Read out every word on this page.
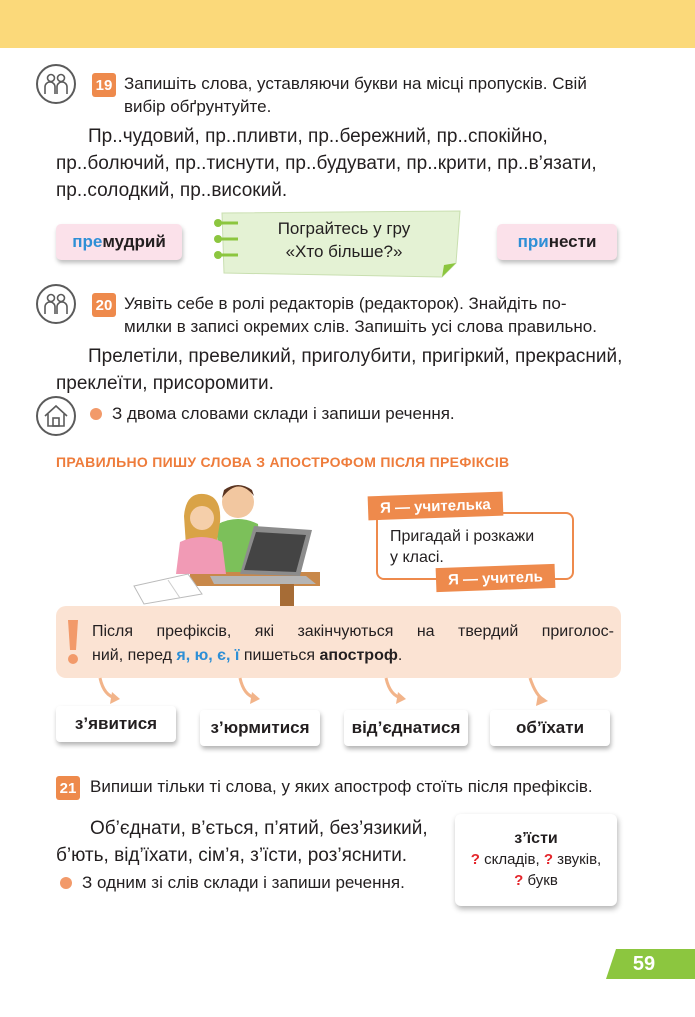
19 Запишіть слова, уставляючи букви на місці пропусків. Свій
вибір обґрунтуйте.
Пр..чудовий, пр..пливти, пр..бережний, пр..спокійно,
пр..болючий, пр..тиснути, пр..будувати, пр..крити, пр..в’язати,
пр..солодкий, пр..високий.
пре мудрий
Пограйтесь у гру
«Хто більше?»
при нести
20 Уявіть себе в ролі редакторів (редакторок). Знайдіть по-
милки в записі окремих слів. Запишіть усі слова правильно.
Прелетіли, превеликий, приголубити, пригіркий, прекрасний,
преклеїти, присоромити.
З двома словами склади і запиши речення.
ПРАВИЛЬНО ПИШУ СЛОВА З АПОСТРОФОМ ПІСЛЯ ПРЕФІКСІВ
Пригадай і розкажи
у класі.
Я — учителька
Я — учитель
Після префіксів, які закінчуються на твердий приголос-
ний, перед я, ю, є, ї пишеться апостроф.
з’явитися	з’юрмитися	від’єднатися	об’їхати
21 Випиши тільки ті слова, у яких апостроф стоїть після префіксів.
Об’єднати, в’ється, п’ятий, без’язикий,
б’ють, від’їхати, сім’я, з’їсти, роз’яснити.
З одним зі слів склади і запиши речення.
з’їсти
? складів, ? звуків,
? букв
59
